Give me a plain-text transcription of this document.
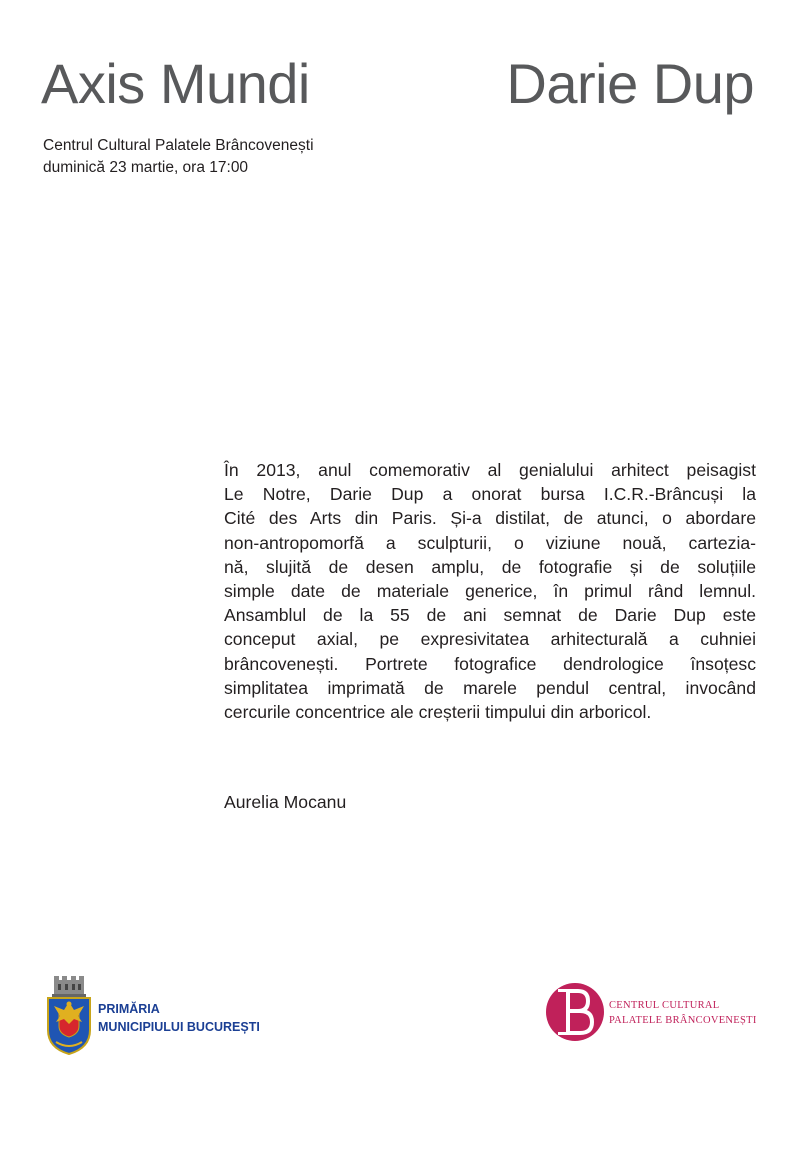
Axis Mundi	Darie Dup
Centrul Cultural Palatele Brâncovenești
duminică 23 martie, ora 17:00
În 2013, anul comemorativ al genialului arhitect peisagist
Le Notre, Darie Dup a onorat bursa I.C.R.-Brâncuși la
Cité des Arts din Paris. Și-a distilat, de atunci, o abordare
non-antropomorfă a sculpturii, o viziune nouă, cartezia-
nă, slujită de desen amplu, de fotografie și de soluțiile
simple date de materiale generice, în primul rând lemnul.
Ansamblul de la 55 de ani semnat de Darie Dup este
conceput axial, pe expresivitatea arhitecturală a cuhniei
brâncovenești. Portrete fotografice dendrologice însoțesc
simplitatea imprimată de marele pendul central, invocând
cercurile concentrice ale creșterii timpului din arboricol.
Aurelia Mocanu
PRIMĂRIA
MUNICIPIULUI BUCUREȘTI
CENTRUL CULTURAL
PALATELE BRÂNCOVENEȘTI
